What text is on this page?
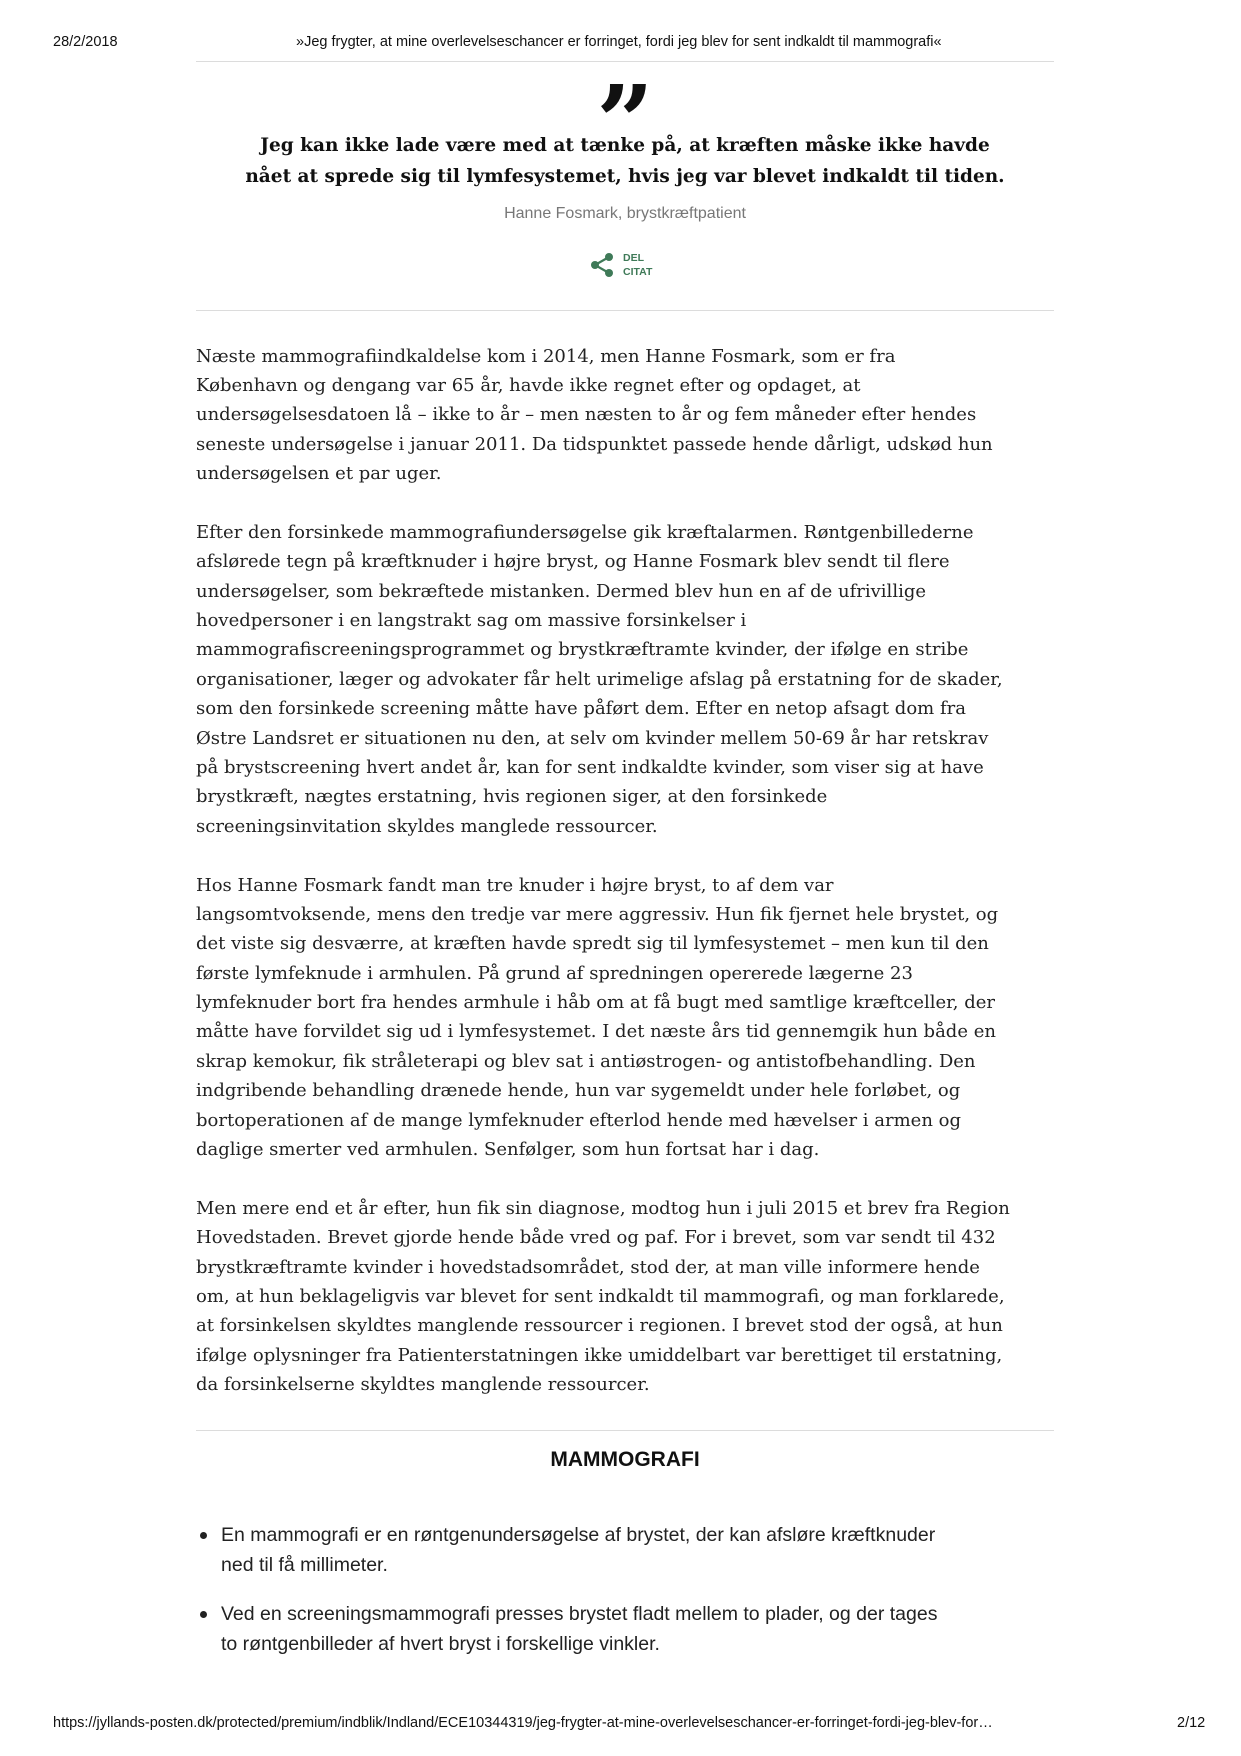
28/2/2018	»Jeg frygter, at mine overlevelseschancer er forringet, fordi jeg blev for sent indkaldt til mammografi«
”
Jeg kan ikke lade være med at tænke på, at kræften måske ikke havde
nået at sprede sig til lymfesystemet, hvis jeg var blevet indkaldt til tiden.
Hanne Fosmark, brystkræftpatient
DEL
CITAT
Næste mammografiindkaldelse kom i 2014, men Hanne Fosmark, som er fra
København og dengang var 65 år, havde ikke regnet efter og opdaget, at
undersøgelsesdatoen lå – ikke to år – men næsten to år og fem måneder efter hendes
seneste undersøgelse i januar 2011. Da tidspunktet passede hende dårligt, udskød hun
undersøgelsen et par uger.
Efter den forsinkede mammografiundersøgelse gik kræftalarmen. Røntgenbillederne
afslørede tegn på kræftknuder i højre bryst, og Hanne Fosmark blev sendt til flere
undersøgelser, som bekræftede mistanken. Dermed blev hun en af de ufrivillige
hovedpersoner i en langstrakt sag om massive forsinkelser i
mammografiscreeningsprogrammet og brystkræftramte kvinder, der ifølge en stribe
organisationer, læger og advokater får helt urimelige afslag på erstatning for de skader,
som den forsinkede screening måtte have påført dem. Efter en netop afsagt dom fra
Østre Landsret er situationen nu den, at selv om kvinder mellem 50-69 år har retskrav
på brystscreening hvert andet år, kan for sent indkaldte kvinder, som viser sig at have
brystkræft, nægtes erstatning, hvis regionen siger, at den forsinkede
screeningsinvitation skyldes manglede ressourcer.
Hos Hanne Fosmark fandt man tre knuder i højre bryst, to af dem var
langsomtvoksende, mens den tredje var mere aggressiv. Hun fik fjernet hele brystet, og
det viste sig desværre, at kræften havde spredt sig til lymfesystemet – men kun til den
første lymfeknude i armhulen. På grund af spredningen opererede lægerne 23
lymfeknuder bort fra hendes armhule i håb om at få bugt med samtlige kræftceller, der
måtte have forvildet sig ud i lymfesystemet. I det næste års tid gennemgik hun både en
skrap kemokur, fik stråleterapi og blev sat i antiøstrogen- og antistofbehandling. Den
indgribende behandling drænede hende, hun var sygemeldt under hele forløbet, og
bortoperationen af de mange lymfeknuder efterlod hende med hævelser i armen og
daglige smerter ved armhulen. Senfølger, som hun fortsat har i dag.
Men mere end et år efter, hun fik sin diagnose, modtog hun i juli 2015 et brev fra Region
Hovedstaden. Brevet gjorde hende både vred og paf. For i brevet, som var sendt til 432
brystkræftramte kvinder i hovedstadsområdet, stod der, at man ville informere hende
om, at hun beklageligvis var blevet for sent indkaldt til mammografi, og man forklarede,
at forsinkelsen skyldtes manglende ressourcer i regionen. I brevet stod der også, at hun
ifølge oplysninger fra Patienterstatningen ikke umiddelbart var berettiget til erstatning,
da forsinkelserne skyldtes manglende ressourcer.
MAMMOGRAFI
En mammografi er en røntgenundersøgelse af brystet, der kan afsløre kræftknuder
ned til få millimeter.
Ved en screeningsmammografi presses brystet fladt mellem to plader, og der tages
to røntgenbilleder af hvert bryst i forskellige vinkler.
https://jyllands-posten.dk/protected/premium/indblik/Indland/ECE10344319/jeg-frygter-at-mine-overlevelseschancer-er-forringet-fordi-jeg-blev-for…	2/12
